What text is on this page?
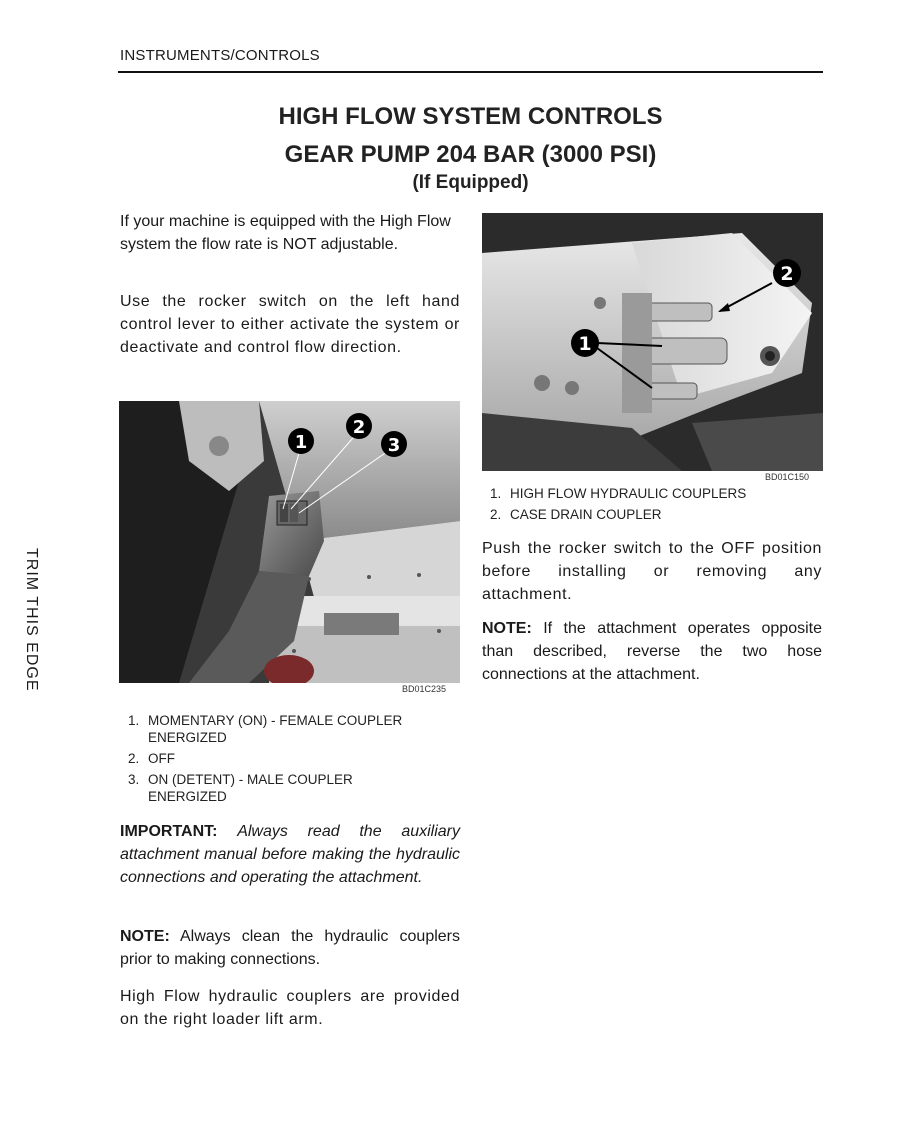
INSTRUMENTS/CONTROLS
HIGH FLOW SYSTEM CONTROLS
GEAR PUMP 204 BAR (3000 PSI)
(If Equipped)
If your machine is equipped with the High Flow system the flow rate is NOT adjustable.
Use the rocker switch on the left hand control lever to either activate the system or deactivate and control flow direction.
1
2
3
BD01C235
1. MOMENTARY (ON) - FEMALE COUPLER
ENERGIZED
2. OFF
3. ON (DETENT) - MALE COUPLER
ENERGIZED
IMPORTANT: Always read the auxiliary attachment manual before making the hydraulic connections and operating the attachment.
NOTE: Always clean the hydraulic couplers prior to making connections.
High Flow hydraulic couplers are provided on the right loader lift arm.
2
1
BD01C150
1. HIGH FLOW HYDRAULIC COUPLERS
2. CASE DRAIN COUPLER
Push the rocker switch to the OFF position before installing or removing any attachment.
NOTE: If the attachment operates opposite than described, reverse the two hose connections at the attachment.
TRIM THIS EDGE
